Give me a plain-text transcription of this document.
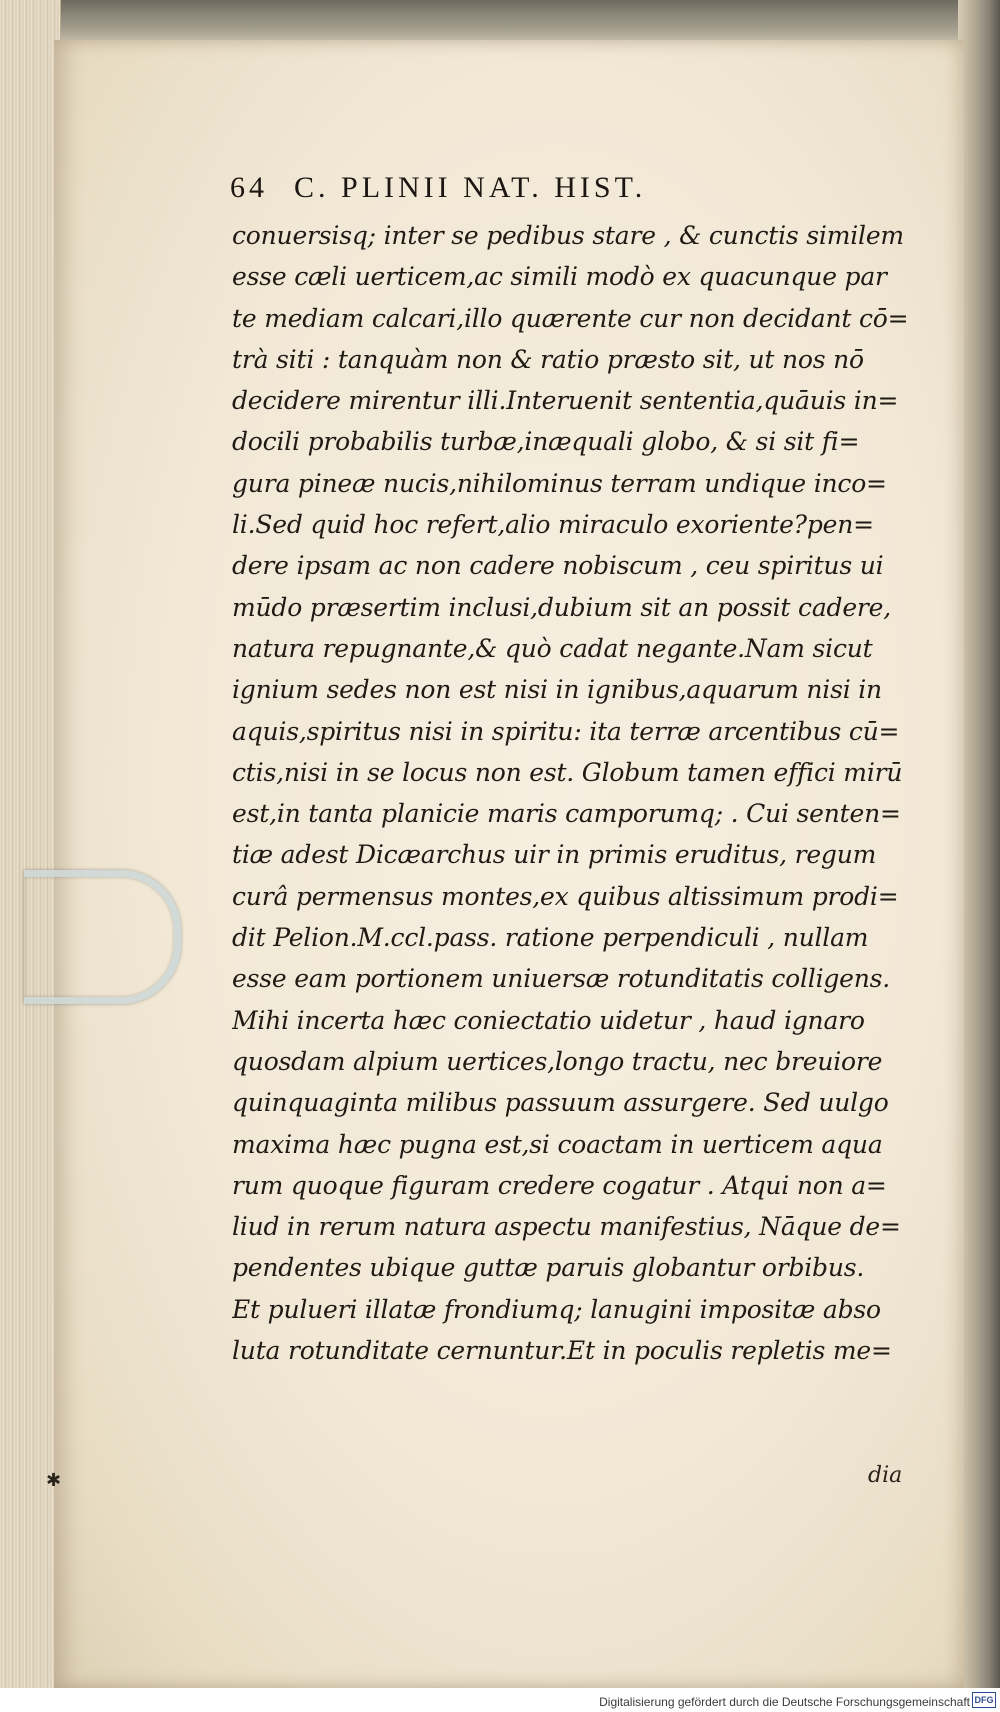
64 C. PLINII NAT. HIST.
conuersisq; inter se pedibus stare , & cunctis similem
esse cæli uerticem,ac simili modò ex quacunque par
te mediam calcari,illo quærente cur non decidant cō=
trà siti : tanquàm non & ratio præsto sit, ut nos nō
decidere mirentur illi.Interuenit sententia,quāuis in=
docili probabilis turbæ,inæquali globo, & si sit fi=
gura pineæ nucis,nihilominus terram undique inco=
li.Sed quid hoc refert,alio miraculo exoriente?pen=
dere ipsam ac non cadere nobiscum , ceu spiritus ui
mūdo præsertim inclusi,dubium sit an possit cadere,
natura repugnante,& quò cadat negante.Nam sicut
ignium sedes non est nisi in ignibus,aquarum nisi in
aquis,spiritus nisi in spiritu: ita terræ arcentibus cū=
ctis,nisi in se locus non est. Globum tamen effici mirū
est,in tanta planicie maris camporumq; . Cui senten=
tiæ adest Dicæarchus uir in primis eruditus, regum
curâ permensus montes,ex quibus altissimum prodi=
dit Pelion.M.ccl.pass. ratione perpendiculi , nullam
esse eam portionem uniuersæ rotunditatis colligens.
Mihi incerta hæc coniectatio uidetur , haud ignaro
quosdam alpium uertices,longo tractu, nec breuiore
quinquaginta milibus passuum assurgere. Sed uulgo
maxima hæc pugna est,si coactam in uerticem aqua
rum quoque figuram credere cogatur . Atqui non a=
liud in rerum natura aspectu manifestius, Nāque de=
pendentes ubique guttæ paruis globantur orbibus.
Et pulueri illatæ frondiumq; lanugini impositæ abso
luta rotunditate cernuntur.Et in poculis repletis me=
dia
✱
Digitalisierung gefördert durch die Deutsche Forschungsgemeinschaft DFG
